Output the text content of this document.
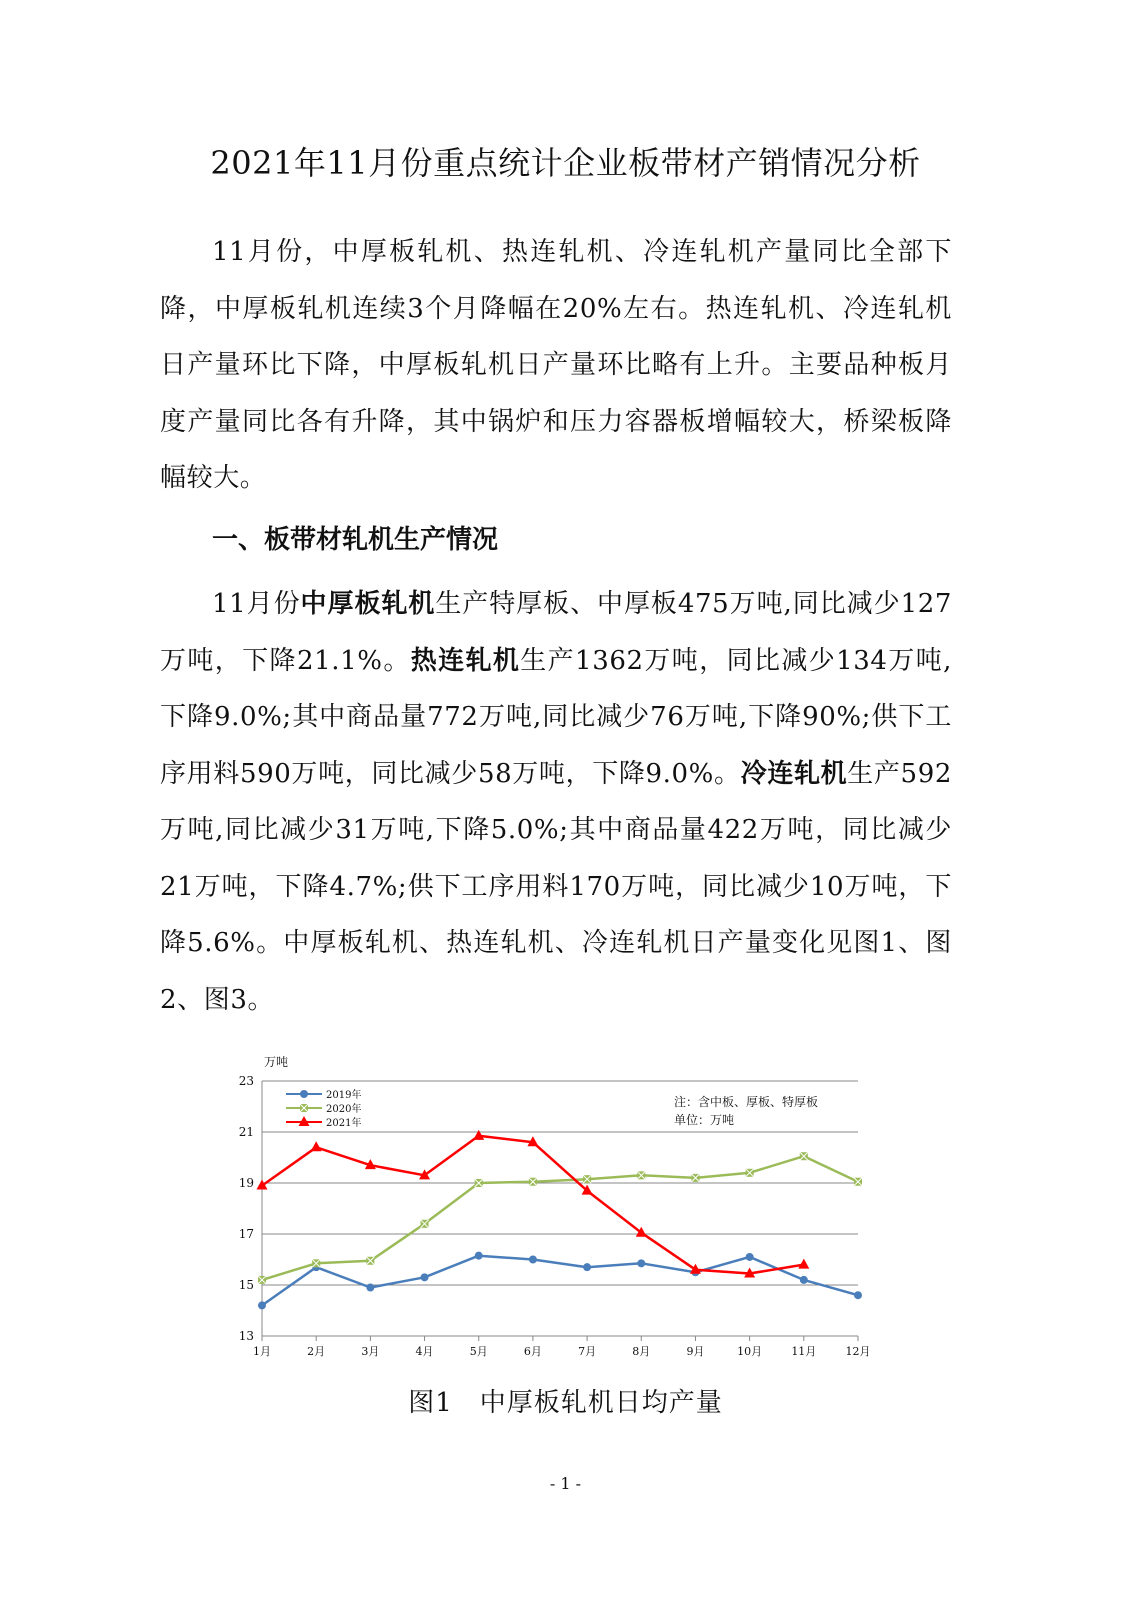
2021年11月份重点统计企业板带材产销情况分析

11月份，中厚板轧机、热连轧机、冷连轧机产量同比全部下降，中厚板轧机连续3个月降幅在20%左右。热连轧机、冷连轧机日产量环比下降，中厚板轧机日产量环比略有上升。主要品种板月度产量同比各有升降，其中锅炉和压力容器板增幅较大，桥梁板降幅较大。

一、板带材轧机生产情况

11月份中厚板轧机生产特厚板、中厚板475万吨,同比减少127万吨，下降21.1%。热连轧机生产1362万吨，同比减少134万吨,下降9.0%;其中商品量772万吨,同比减少76万吨,下降90%;供下工序用料590万吨，同比减少58万吨，下降9.0%。冷连轧机生产592万吨,同比减少31万吨,下降5.0%;其中商品量422万吨，同比减少21万吨，下降4.7%;供下工序用料170万吨，同比减少10万吨，下降5.6%。中厚板轧机、热连轧机、冷连轧机日产量变化见图1、图2、图3。

13
15
17
19
21
23
1月	2月	3月	4月	5月	6月	7月	8月	9月	10月	11月	12月
万吨
注：含中板、厚板、特厚板
单位：万吨
2019年
2020年
2021年
图1　中厚板轧机日均产量
- 1 -
